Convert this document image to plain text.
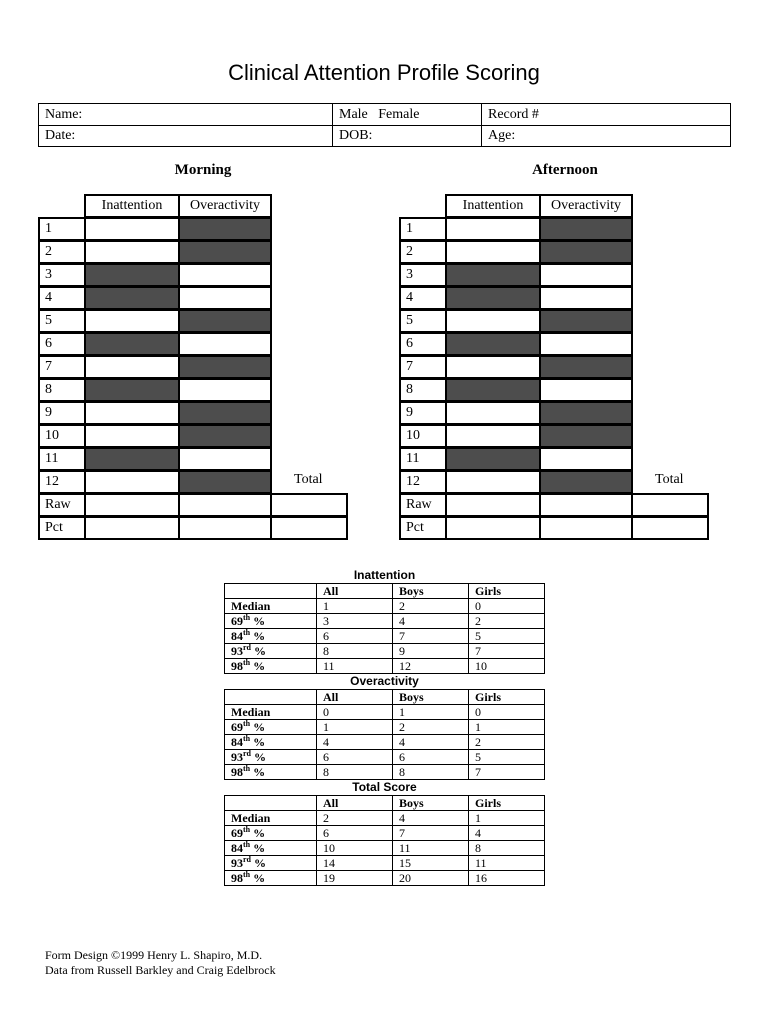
Clinical Attention Profile Scoring
Name:	Male   Female	Record #
Date:	DOB:	Age:
Morning	Afternoon
Inattention	Overactivity
1
2
3
4
5
6
7
8
9
10
11
12	Total
Raw
Pct
Inattention	Overactivity
1
2
3
4
5
6
7
8
9
10
11
12	Total
Raw
Pct
Inattention
	All	Boys	Girls
Median	1	2	0
69th %	3	4	2
84th %	6	7	5
93rd %	8	9	7
98th %	11	12	10
Overactivity
	All	Boys	Girls
Median	0	1	0
69th %	1	2	1
84th %	4	4	2
93rd %	6	6	5
98th %	8	8	7
Total Score
	All	Boys	Girls
Median	2	4	1
69th %	6	7	4
84th %	10	11	8
93rd %	14	15	11
98th %	19	20	16
Form Design ©1999 Henry L. Shapiro, M.D.
Data from Russell Barkley and Craig Edelbrock
